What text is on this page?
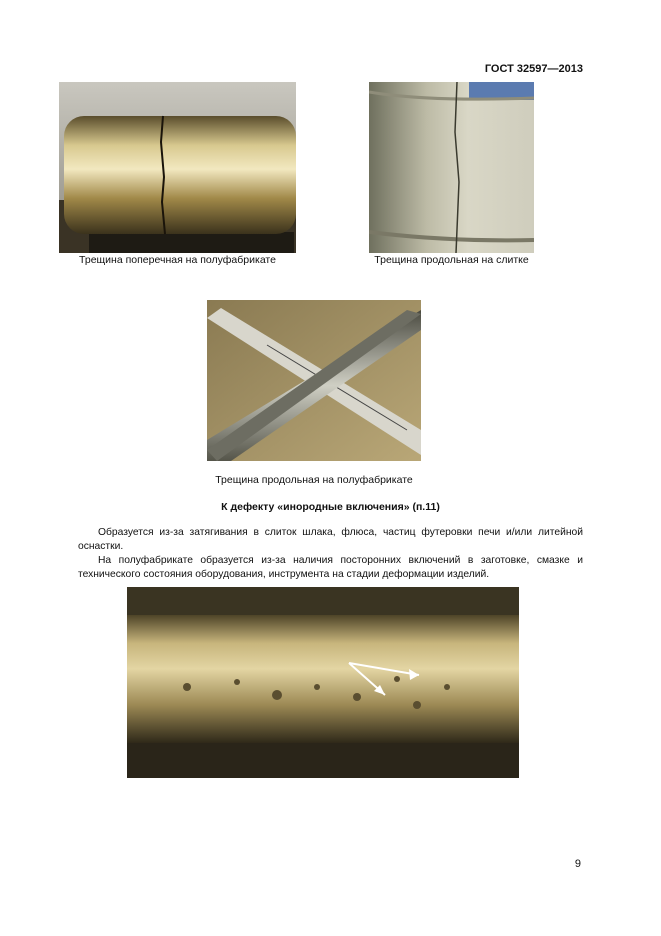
ГОСТ 32597—2013
Трещина поперечная на полуфабрикате	Трещина продольная на слитке
Трещина продольная на полуфабрикате
К дефекту «инородные включения» (п.11)

Образуется из-за затягивания в слиток шлака, флюса, частиц футеровки печи и/или литейной оснастки.

На полуфабрикате образуется из-за наличия посторонних включений в заготовке, смазке и технического состояния оборудования, инструмента на стадии деформации изделий.

9
